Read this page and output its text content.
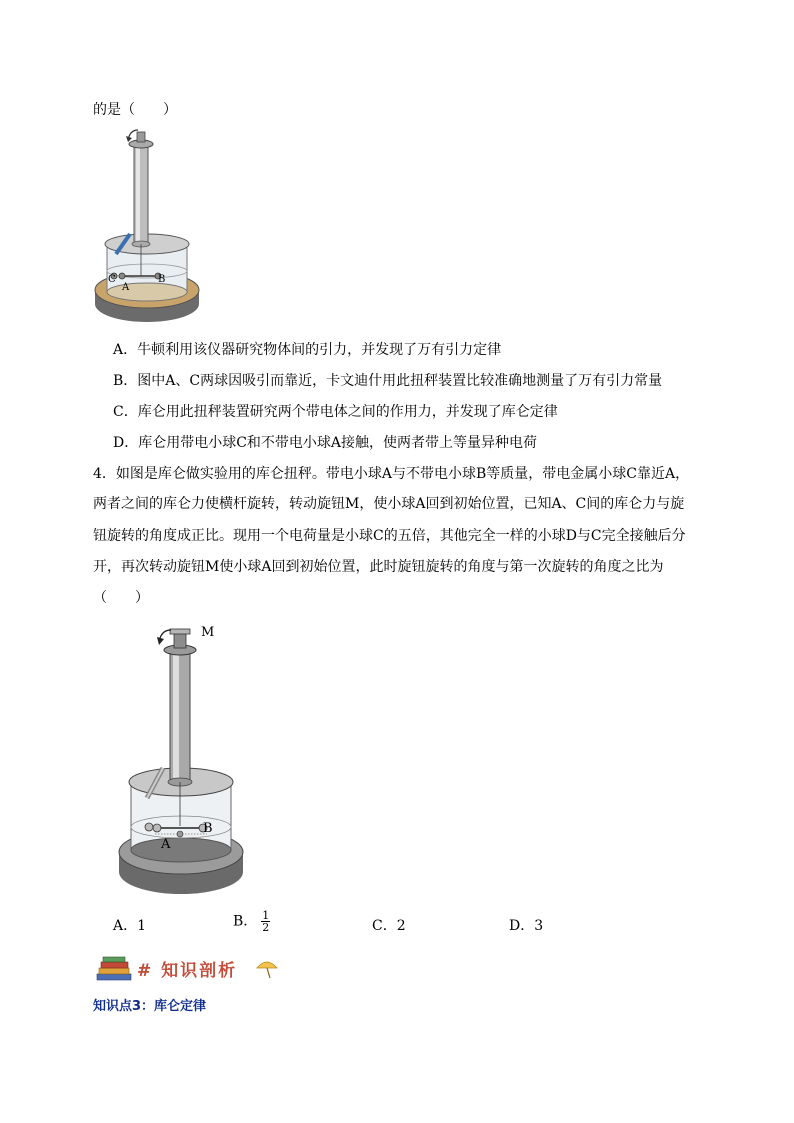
的是（　　）
C
A
B
A．牛顿利用该仪器研究物体间的引力，并发现了万有引力定律
B．图中A、C两球因吸引而靠近，卡文迪什用此扭秤装置比较准确地测量了万有引力常量
C．库仑用此扭秤装置研究两个带电体之间的作用力，并发现了库仑定律
D．库仑用带电小球C和不带电小球A接触，使两者带上等量异种电荷
4．如图是库仑做实验用的库仑扭秤。带电小球A与不带电小球B等质量，带电金属小球C靠近A，
两者之间的库仑力使横杆旋转，转动旋钮M，使小球A回到初始位置，已知A、C间的库仑力与旋
钮旋转的角度成正比。现用一个电荷量是小球C的五倍，其他完全一样的小球D与C完全接触后分
开，再次转动旋钮M使小球A回到初始位置，此时旋钮旋转的角度与第一次旋转的角度之比为
（　　）
M
A
B
A．1	B． $\frac{1}{2}$	C．2	D．3
# 知识剖析
知识点3：库仑定律
